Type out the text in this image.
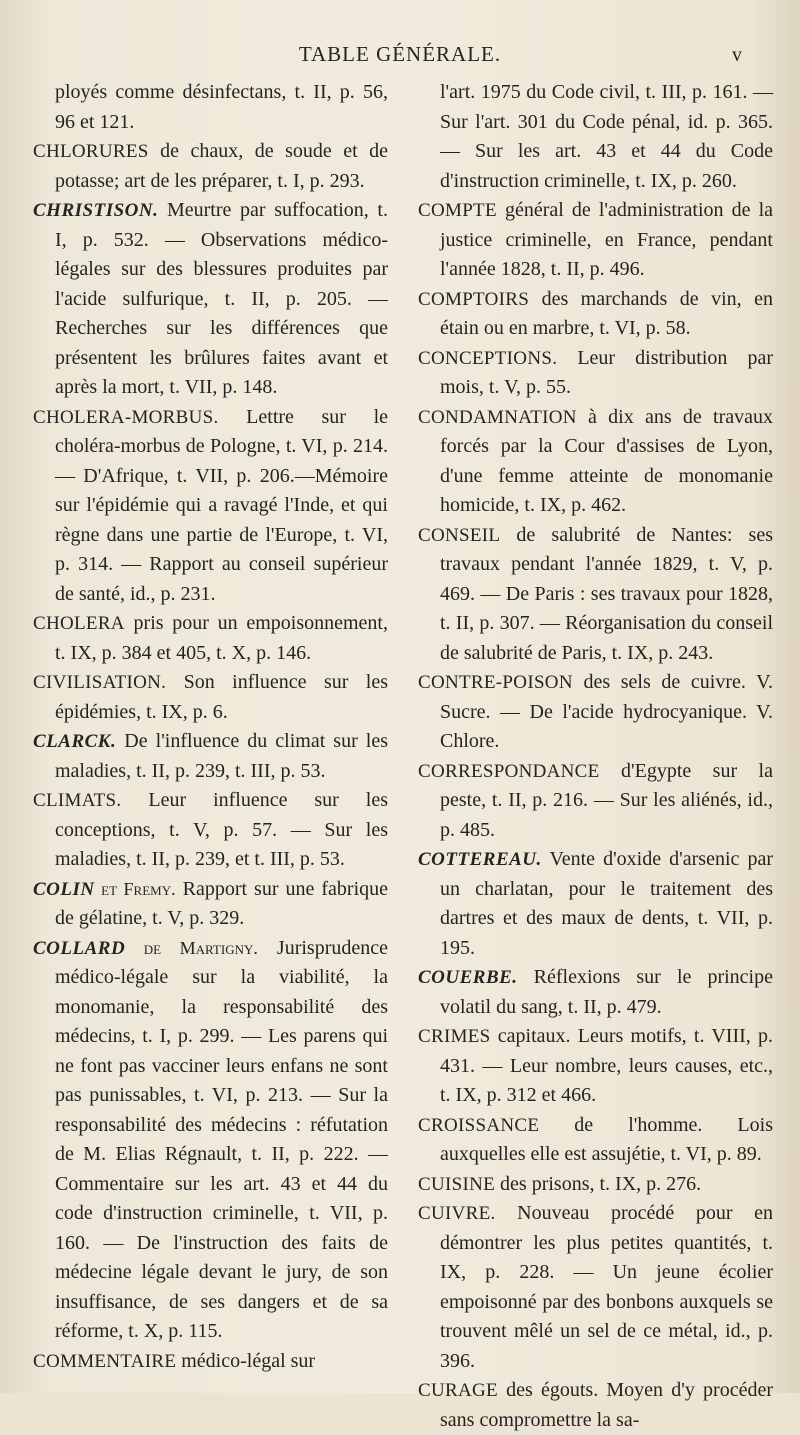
TABLE GÉNÉRALE.	v

ployés comme désinfectans, t. II, p. 56, 96 et 121.

CHLORURES de chaux, de soude et de potasse; art de les préparer, t. I, p. 293.

CHRISTISON. Meurtre par suffocation, t. I, p. 532. — Observations médico-légales sur des blessures produites par l'acide sulfurique, t. II, p. 205. — Recherches sur les différences que présentent les brûlures faites avant et après la mort, t. VII, p. 148.

CHOLERA-MORBUS. Lettre sur le choléra-morbus de Pologne, t. VI, p. 214. — D'Afrique, t. VII, p. 206.—Mémoire sur l'épidémie qui a ravagé l'Inde, et qui règne dans une partie de l'Europe, t. VI, p. 314. — Rapport au conseil supérieur de santé, id., p. 231.

CHOLERA pris pour un empoisonnement, t. IX, p. 384 et 405, t. X, p. 146.

CIVILISATION. Son influence sur les épidémies, t. IX, p. 6.

CLARCK. De l'influence du climat sur les maladies, t. II, p. 239, t. III, p. 53.

CLIMATS. Leur influence sur les conceptions, t. V, p. 57. — Sur les maladies, t. II, p. 239, et t. III, p. 53.

COLIN et Fremy. Rapport sur une fabrique de gélatine, t. V, p. 329.

COLLARD de Martigny. Jurisprudence médico-légale sur la viabilité, la monomanie, la responsabilité des médecins, t. I, p. 299. — Les parens qui ne font pas vacciner leurs enfans ne sont pas punissables, t. VI, p. 213. — Sur la responsabilité des médecins : réfutation de M. Elias Régnault, t. II, p. 222. — Commentaire sur les art. 43 et 44 du code d'instruction criminelle, t. VII, p. 160. — De l'instruction des faits de médecine légale devant le jury, de son insuffisance, de ses dangers et de sa réforme, t. X, p. 115.

COMMENTAIRE médico-légal sur

l'art. 1975 du Code civil, t. III, p. 161. — Sur l'art. 301 du Code pénal, id. p. 365. — Sur les art. 43 et 44 du Code d'instruction criminelle, t. IX, p. 260.

COMPTE général de l'administration de la justice criminelle, en France, pendant l'année 1828, t. II, p. 496.

COMPTOIRS des marchands de vin, en étain ou en marbre, t. VI, p. 58.

CONCEPTIONS. Leur distribution par mois, t. V, p. 55.

CONDAMNATION à dix ans de travaux forcés par la Cour d'assises de Lyon, d'une femme atteinte de monomanie homicide, t. IX, p. 462.

CONSEIL de salubrité de Nantes: ses travaux pendant l'année 1829, t. V, p. 469. — De Paris : ses travaux pour 1828, t. II, p. 307. — Réorganisation du conseil de salubrité de Paris, t. IX, p. 243.

CONTRE-POISON des sels de cuivre. V. Sucre. — De l'acide hydrocyanique. V. Chlore.

CORRESPONDANCE d'Egypte sur la peste, t. II, p. 216. — Sur les aliénés, id., p. 485.

COTTEREAU. Vente d'oxide d'arsenic par un charlatan, pour le traitement des dartres et des maux de dents, t. VII, p. 195.

COUERBE. Réflexions sur le principe volatil du sang, t. II, p. 479.

CRIMES capitaux. Leurs motifs, t. VIII, p. 431. — Leur nombre, leurs causes, etc., t. IX, p. 312 et 466.

CROISSANCE de l'homme. Lois auxquelles elle est assujétie, t. VI, p. 89.

CUISINE des prisons, t. IX, p. 276.

CUIVRE. Nouveau procédé pour en démontrer les plus petites quantités, t. IX, p. 228. — Un jeune écolier empoisonné par des bonbons auxquels se trouvent mêlé un sel de ce métal, id., p. 396.

CURAGE des égouts. Moyen d'y procéder sans compromettre la sa-
